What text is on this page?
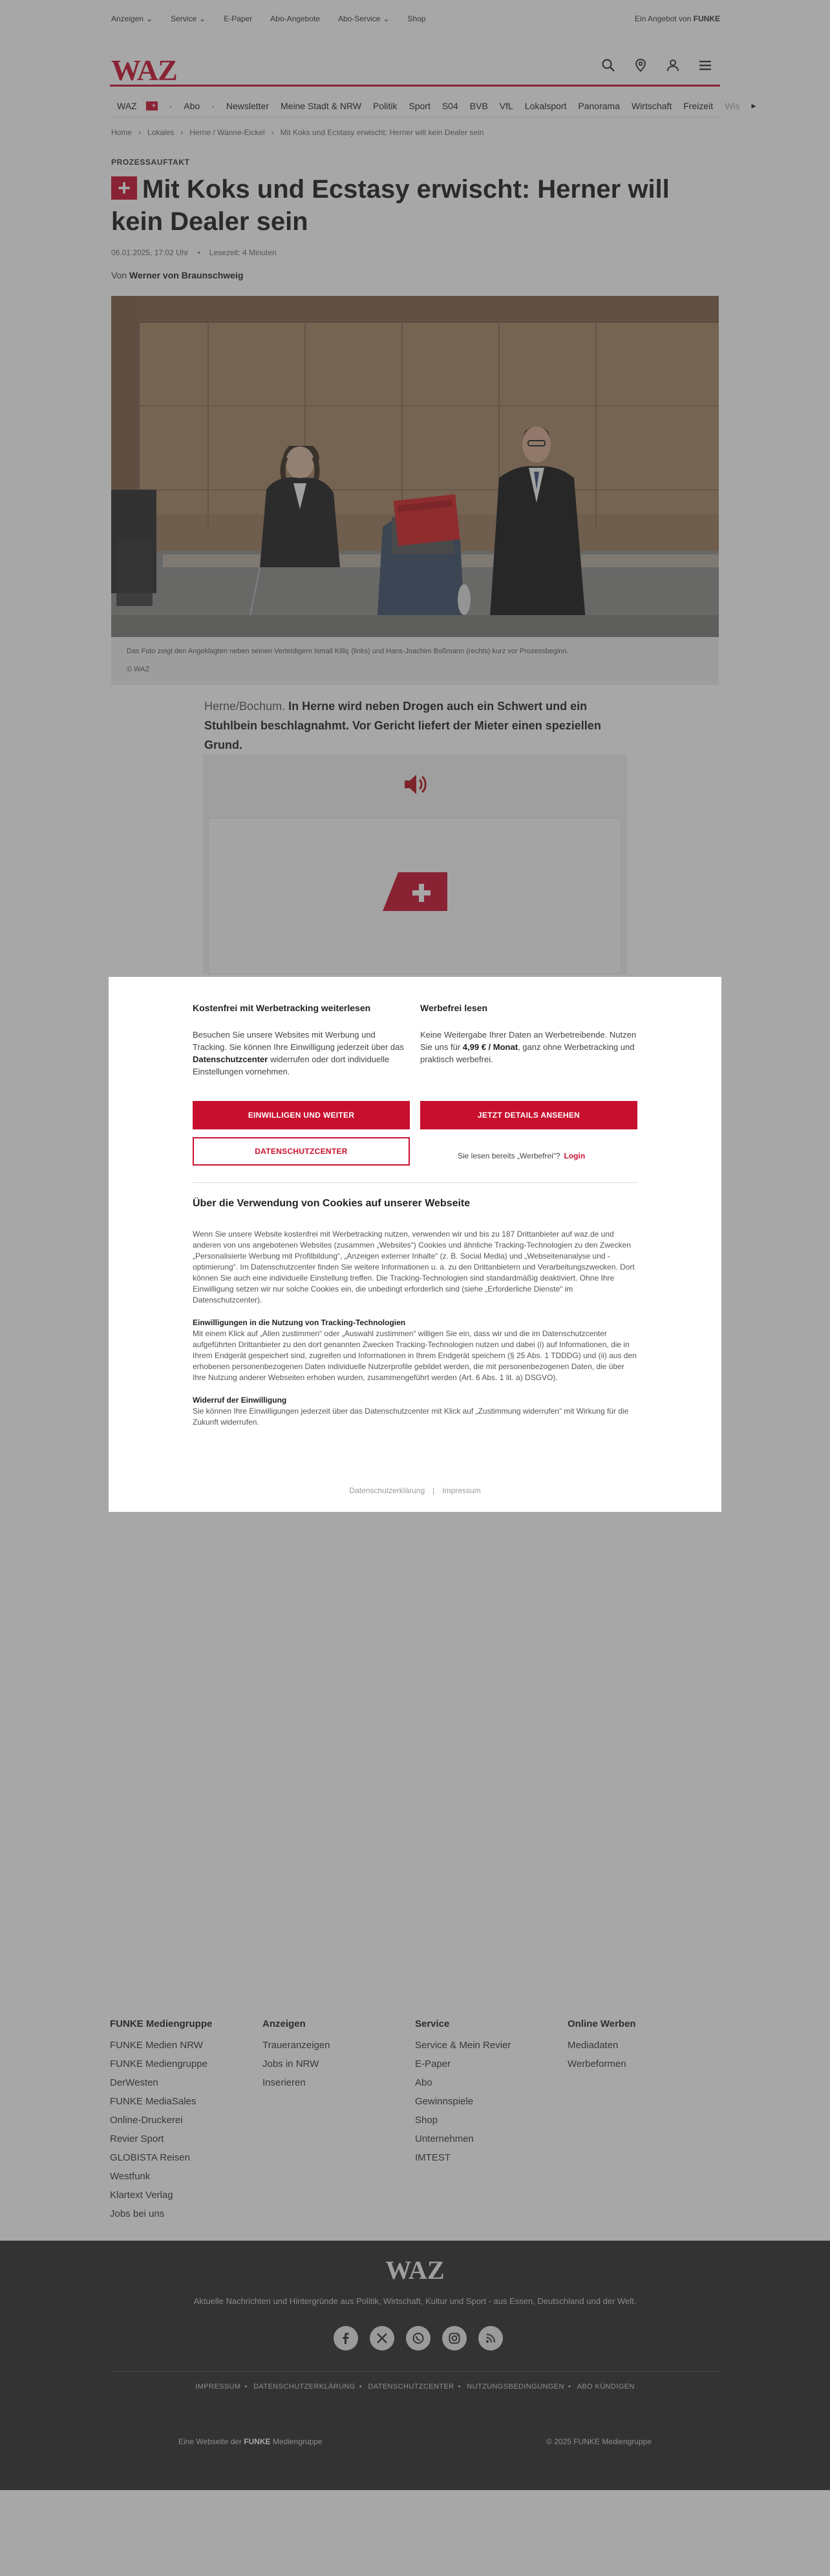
Anzeigen ⌄ Service ⌄ E-Paper Abo-Angebote Abo-Service ⌄ Shop	Ein Angebot von FUNKE
WAZ
WAZ	+	·	Abo	·	Newsletter	Meine Stadt & NRW	Politik	Sport	S04	BVB	VfL	Lokalsport	Panorama	Wirtschaft	Freizeit	Wis	▸
Home › Lokales › Herne / Wanne-Eickel › Mit Koks und Ecstasy erwischt: Herner will kein Dealer sein
PROZESSAUFTAKT
+ Mit Koks und Ecstasy erwischt: Herner will kein Dealer sein
06.01.2025, 17:02 Uhr • Lesezeit: 4 Minuten
Von Werner von Braunschweig
Das Foto zeigt den Angeklagten neben seinen Verteidigern Ismail Killiç (links) und Hans-Joachim Boßmann (rechts) kurz vor Prozessbeginn.
© WAZ
Herne/Bochum. In Herne wird neben Drogen auch ein Schwert und ein Stuhlbein beschlagnahmt. Vor Gericht liefert der Mieter einen speziellen Grund.
FUNKE Mediengruppe
FUNKE Medien NRW
FUNKE Mediengruppe
DerWesten
FUNKE MediaSales
Online-Druckerei
Revier Sport
GLOBISTA Reisen
Westfunk
Klartext Verlag
Jobs bei uns
Anzeigen
Traueranzeigen
Jobs in NRW
Inserieren
Service
Service & Mein Revier
E-Paper
Abo
Gewinnspiele
Shop
Unternehmen
IMTEST
Online Werben
Mediadaten
Werbeformen
WAZ
Aktuelle Nachrichten und Hintergründe aus Politik, Wirtschaft, Kultur und Sport - aus Essen, Deutschland und der Welt.
IMPRESSUM • DATENSCHUTZERKLÄRUNG • DATENSCHUTZCENTER • NUTZUNGSBEDINGUNGEN • ABO KÜNDIGEN
Eine Webseite der FUNKE Mediengruppe	© 2025 FUNKE Mediengruppe
Kostenfrei mit Werbetracking weiterlesen

Besuchen Sie unsere Websites mit Werbung und Tracking. Sie können Ihre Einwilligung jederzeit über das Datenschutzcenter widerrufen oder dort individuelle Einstellungen vornehmen.

Werbefrei lesen

Keine Weitergabe Ihrer Daten an Werbetreibende. Nutzen Sie uns für 4,99 € / Monat, ganz ohne Werbetracking und praktisch werbefrei.

EINWILLIGEN UND WEITER	JETZT DETAILS ANSEHEN
DATENSCHUTZCENTER	Sie lesen bereits „Werbefrei“? Login
Über die Verwendung von Cookies auf unserer Webseite

Wenn Sie unsere Website kostenfrei mit Werbetracking nutzen, verwenden wir und bis zu 187 Drittanbieter auf waz.de und anderen von uns angebotenen Websites (zusammen „Websites“) Cookies und ähnliche Tracking-Technologien zu den Zwecken „Personalisierte Werbung mit Profilbildung“, „Anzeigen externer Inhalte“ (z. B. Social Media) und „Webseitenanalyse und -optimierung“. Im Datenschutzcenter finden Sie weitere Informationen u. a. zu den Drittanbietern und Verarbeitungszwecken. Dort können Sie auch eine individuelle Einstellung treffen. Die Tracking-Technologien sind standardmäßig deaktiviert. Ohne Ihre Einwilligung setzen wir nur solche Cookies ein, die unbedingt erforderlich sind (siehe „Erforderliche Dienste“ im Datenschutzcenter).

Einwilligungen in die Nutzung von Tracking-Technologien

Mit einem Klick auf „Allen zustimmen“ oder „Auswahl zustimmen“ willigen Sie ein, dass wir und die im Datenschutzcenter aufgeführten Drittanbieter zu den dort genannten Zwecken Tracking-Technologien nutzen und dabei (i) auf Informationen, die in Ihrem Endgerät gespeichert sind, zugreifen und Informationen in Ihrem Endgerät speichern (§ 25 Abs. 1 TDDDG) und (ii) aus den erhobenen personenbezogenen Daten individuelle Nutzerprofile gebildet werden, die mit personenbezogenen Daten, die über Ihre Nutzung anderer Webseiten erhoben wurden, zusammengeführt werden (Art. 6 Abs. 1 lit. a) DSGVO).

Widerruf der Einwilligung

Sie können Ihre Einwilligungen jederzeit über das Datenschutzcenter mit Klick auf „Zustimmung widerrufen“ mit Wirkung für die Zukunft widerrufen.

Datenschutzerklärung | Impressum
